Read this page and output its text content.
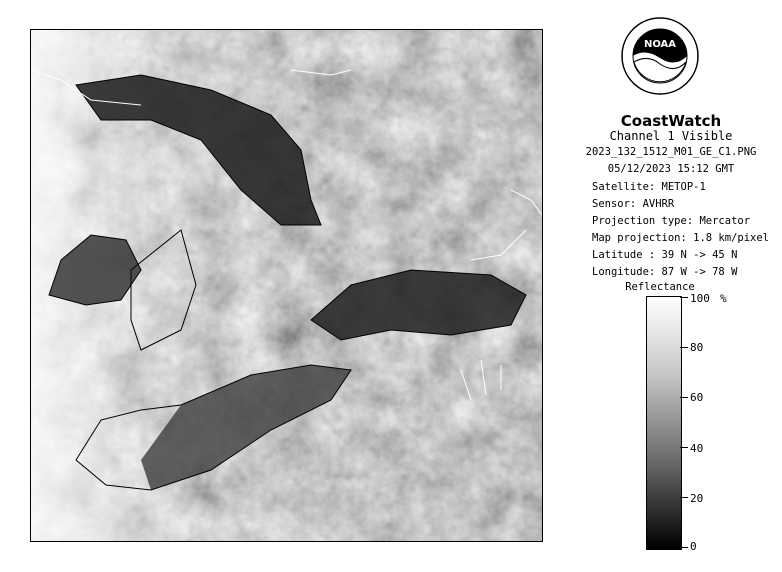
NOAA
CoastWatch
Channel 1 Visible
2023_132_1512_M01_GE_C1.PNG
05/12/2023 15:12 GMT
Satellite: METOP-1
Sensor: AVHRR
Projection type: Mercator
Map projection: 1.8 km/pixel
Latitude : 39 N -> 45 N
Longitude: 87 W -> 78 W
Reflectance
%
100
80
60
40
20
0
